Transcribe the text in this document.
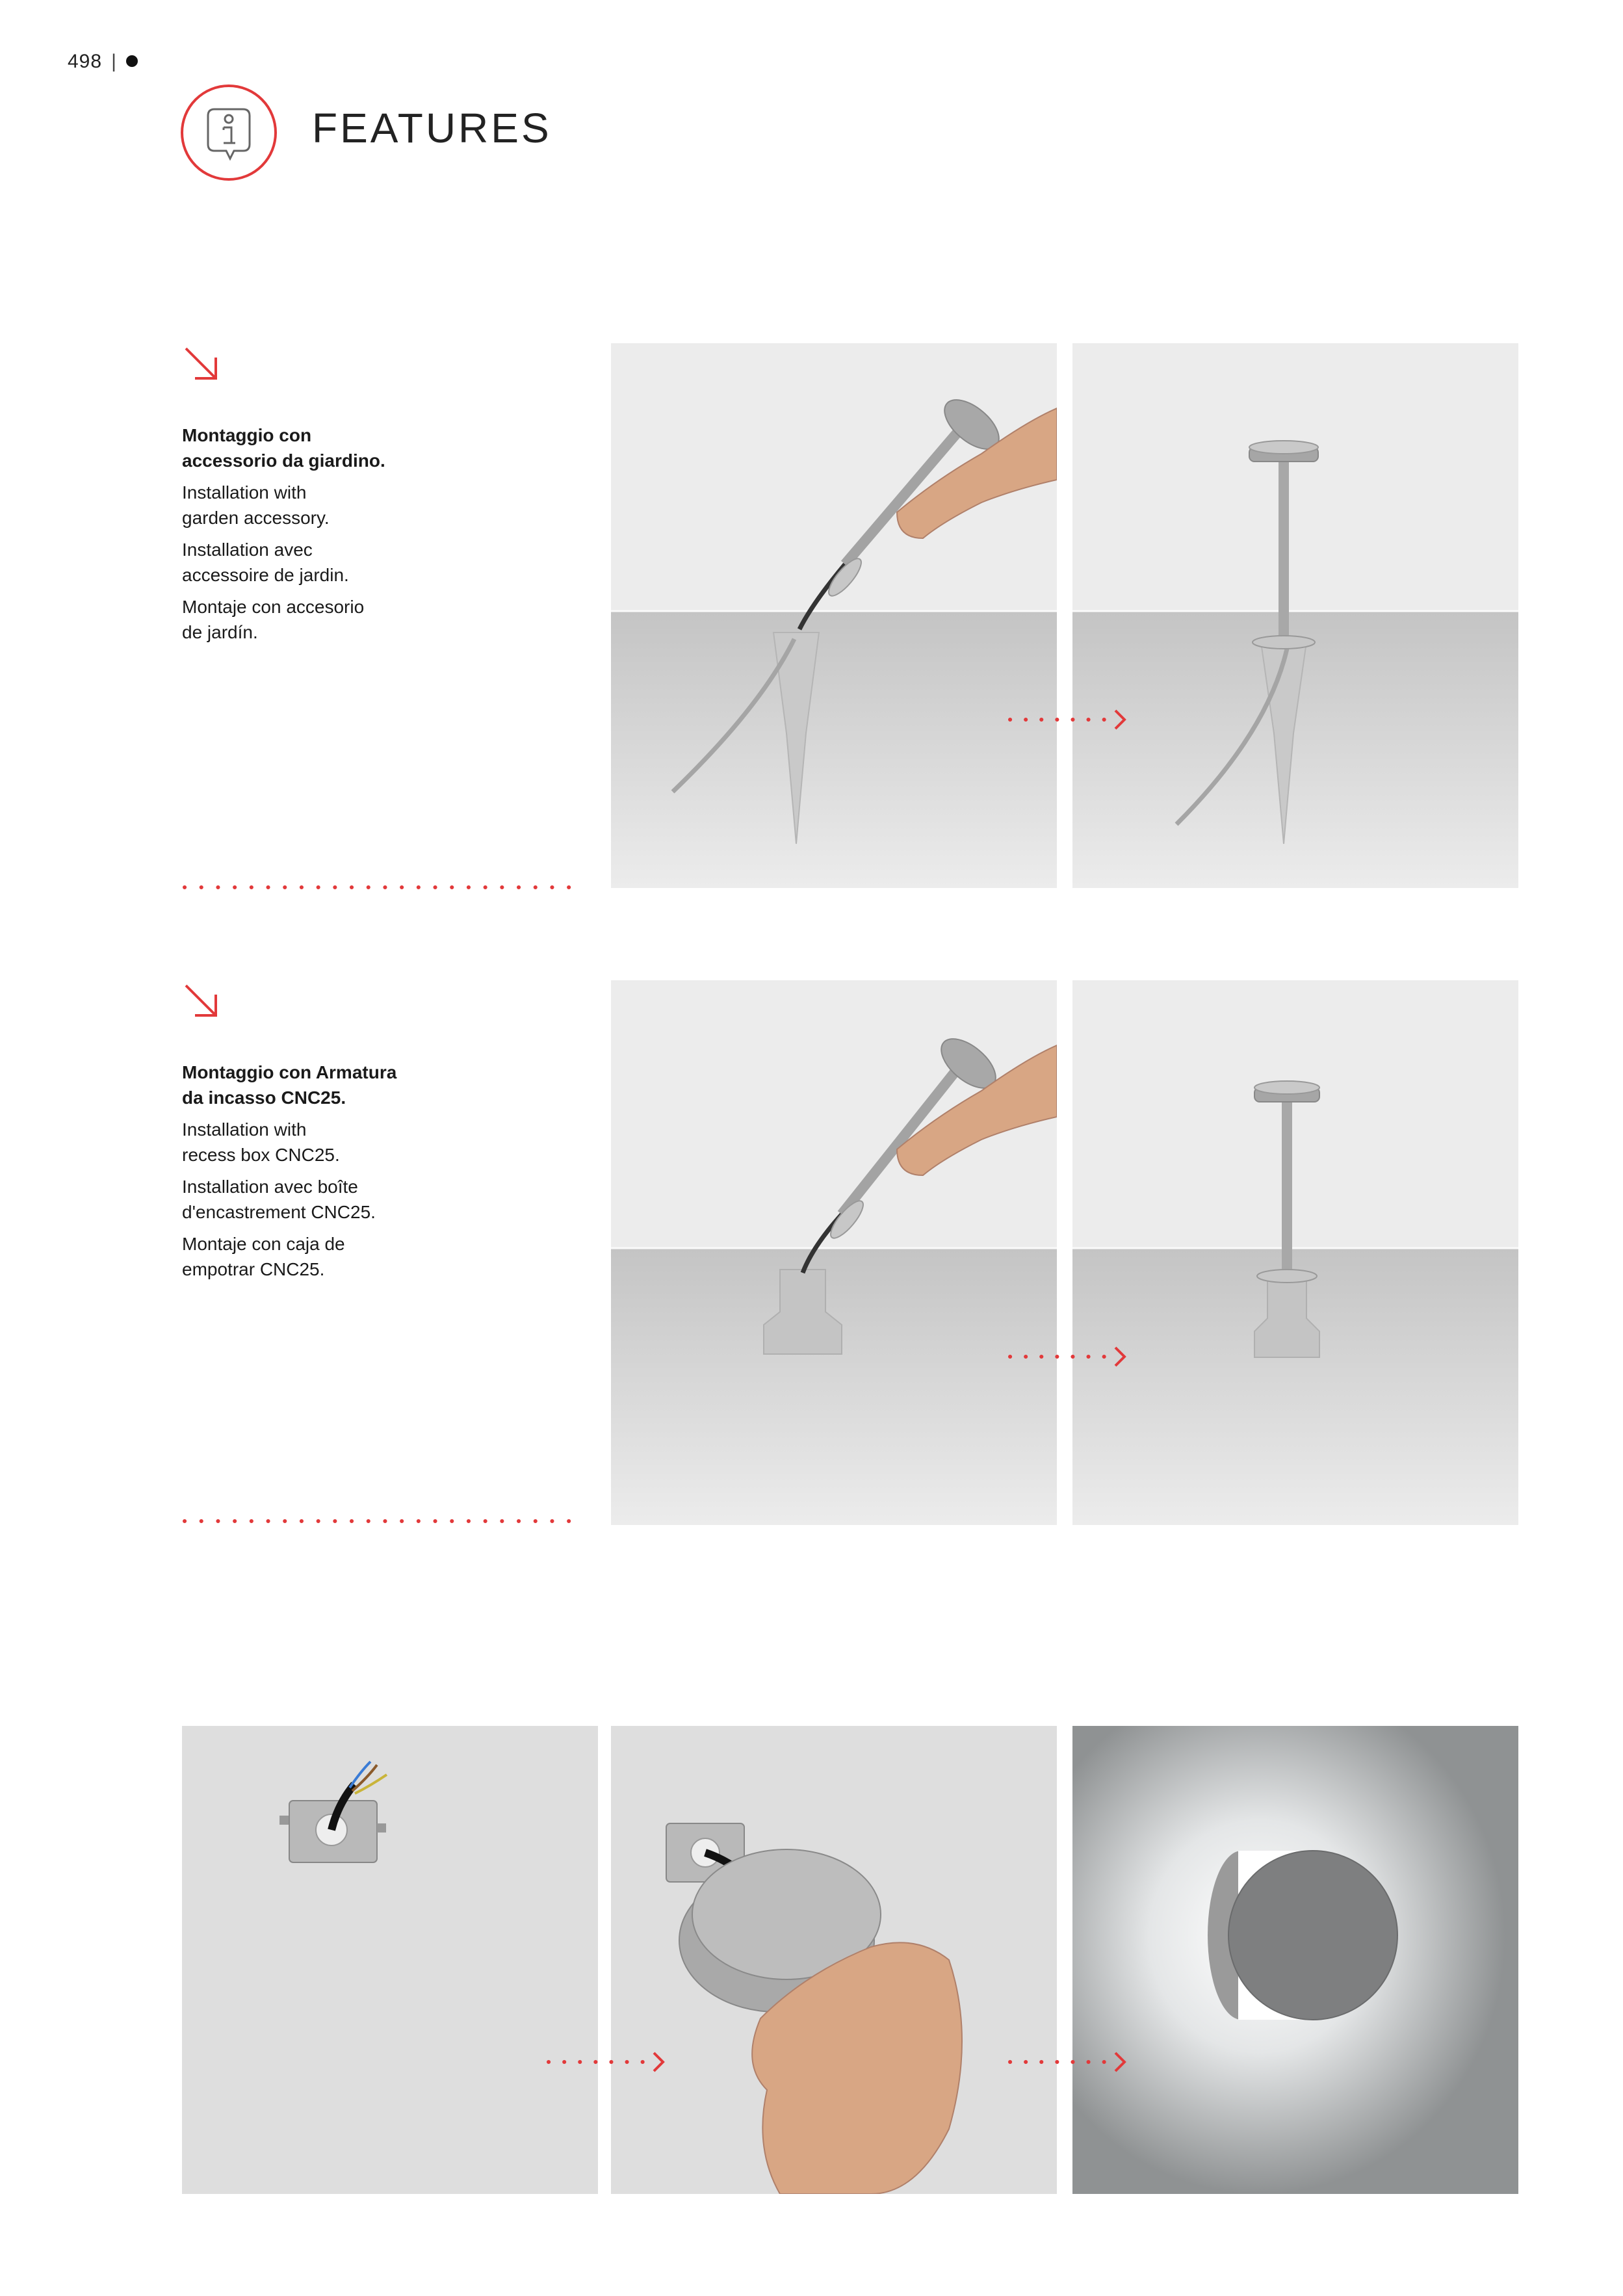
498 |
FEATURES

Montaggio con
accessorio da giardino.

Installation with
garden accessory.

Installation avec
accessoire de jardin.

Montaje con accesorio
de jardín.

Montaggio con Armatura
da incasso CNC25.

Installation with
recess box CNC25.

Installation avec boîte
d'encastrement CNC25.

Montaje con caja de
empotrar CNC25.
